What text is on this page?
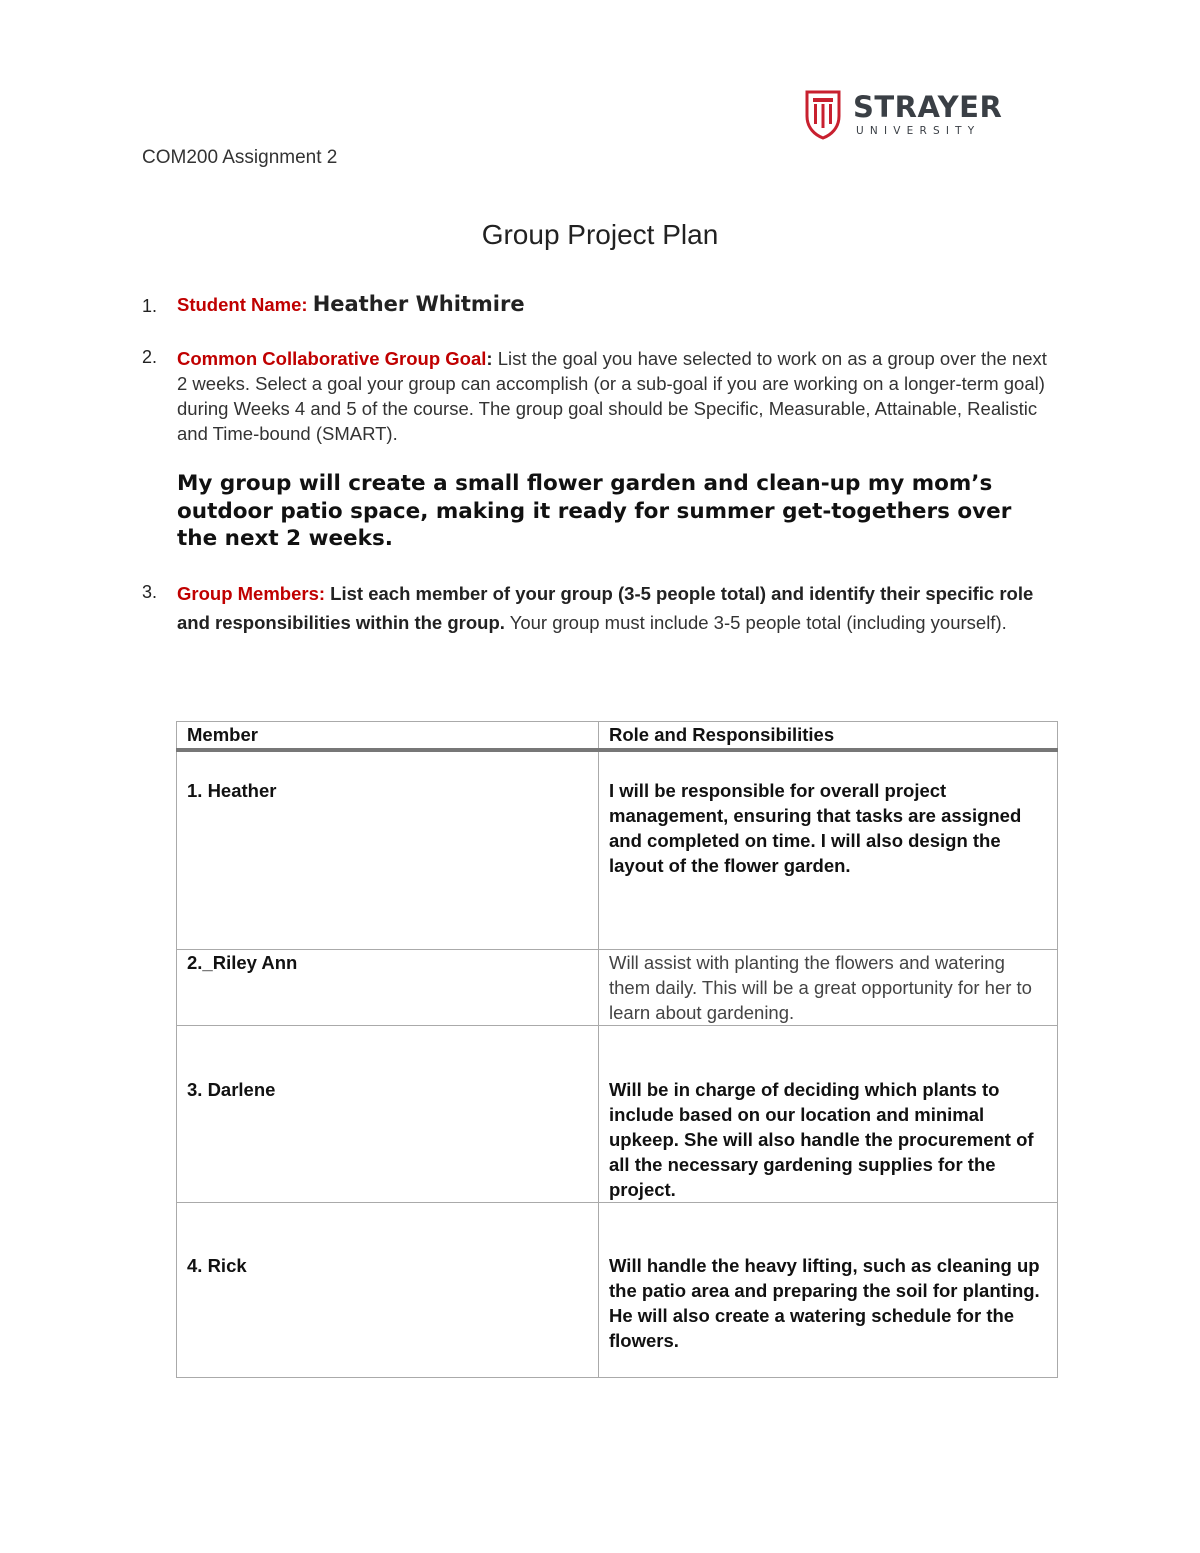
STRAYER
UNIVERSITY
COM200 Assignment 2
Group Project Plan
1. Student Name: Heather Whitmire
2. Common Collaborative Group Goal: List the goal you have selected to work on as a group over the next 2 weeks. Select a goal your group can accomplish (or a sub-goal if you are working on a longer-term goal) during Weeks 4 and 5 of the course. The group goal should be Specific, Measurable, Attainable, Realistic and Time-bound (SMART).
My group will create a small flower garden and clean-up my mom’s outdoor patio space, making it ready for summer get-togethers over the next 2 weeks.
3. Group Members: List each member of your group (3-5 people total) and identify their specific role and responsibilities within the group. Your group must include 3-5 people total (including yourself).
Member	Role and Responsibilities
1. Heather	I will be responsible for overall project management, ensuring that tasks are assigned and completed on time. I will also design the layout of the flower garden.
2._Riley Ann	Will assist with planting the flowers and watering them daily. This will be a great opportunity for her to learn about gardening.
3. Darlene	Will be in charge of deciding which plants to include based on our location and minimal upkeep. She will also handle the procurement of all the necessary gardening supplies for the project.
4. Rick	Will handle the heavy lifting, such as cleaning up the patio area and preparing the soil for planting. He will also create a watering schedule for the flowers.
